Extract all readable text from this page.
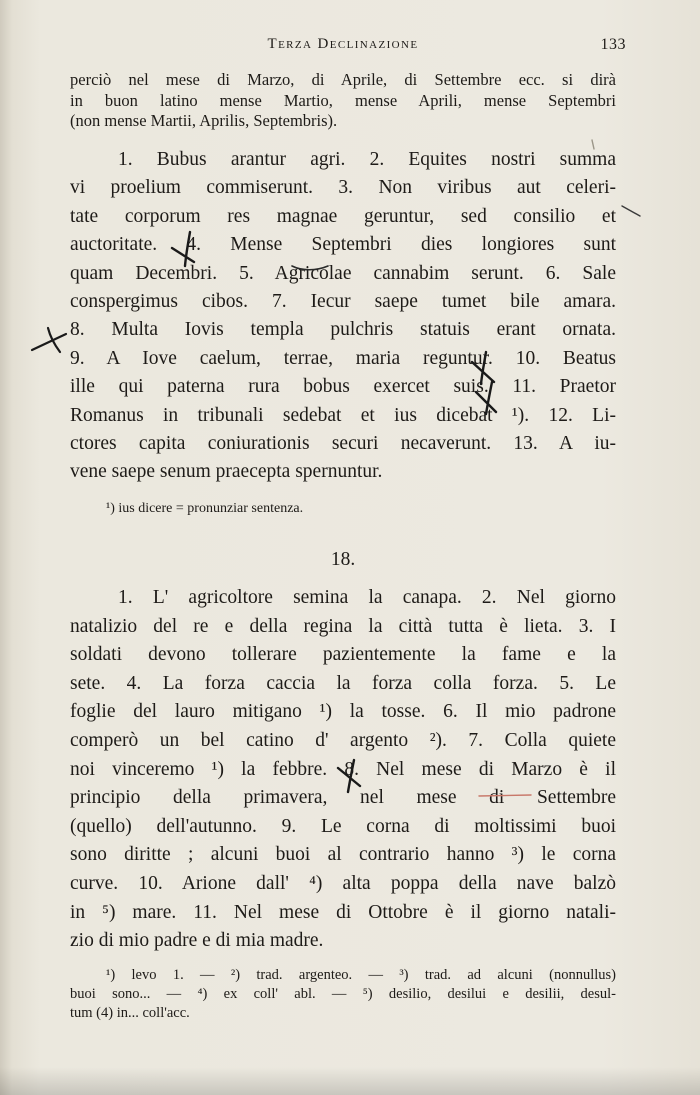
Terza Declinazione	133
perciò nel mese di Marzo, di Aprile, di Settembre ecc. si dirà
in buon latino mense Martio, mense Aprili, mense Septembri
(non mense Martii, Aprilis, Septembris).
1. Bubus arantur agri. 2. Equites nostri summa
vi proelium commiserunt. 3. Non viribus aut celeri-
tate corporum res magnae geruntur, sed consilio et
auctoritate. 4. Mense Septembri dies longiores sunt
quam Decembri. 5. Agricolae cannabim serunt. 6. Sale
conspergimus cibos. 7. Iecur saepe tumet bile amara.
8. Multa Iovis templa pulchris statuis erant ornata.
9. A Iove caelum, terrae, maria reguntur. 10. Beatus
ille qui paterna rura bobus exercet suis. 11. Praetor
Romanus in tribunali sedebat et ius dicebat ¹). 12. Li-
ctores capita coniurationis securi necaverunt. 13. A iu-
vene saepe senum praecepta spernuntur.
¹) ius dicere = pronunziar sentenza.
18.
1. L' agricoltore semina la canapa. 2. Nel giorno
natalizio del re e della regina la città tutta è lieta. 3. I
soldati devono tollerare pazientemente la fame e la
sete. 4. La forza caccia la forza colla forza. 5. Le
foglie del lauro mitigano ¹) la tosse. 6. Il mio padrone
comperò un bel catino d' argento ²). 7. Colla quiete
noi vinceremo ¹) la febbre. 8. Nel mese di Marzo è il
principio della primavera, nel mese di Settembre
(quello) dell'autunno. 9. Le corna di moltissimi buoi
sono diritte ; alcuni buoi al contrario hanno ³) le corna
curve. 10. Arione dall' ⁴) alta poppa della nave balzò
in ⁵) mare. 11. Nel mese di Ottobre è il giorno natali-
zio di mio padre e di mia madre.
¹) levo 1. — ²) trad. argenteo. — ³) trad. ad alcuni (nonnullus)
buoi sono... — ⁴) ex coll' abl. — ⁵) desilio, desilui e desilii, desul-
tum (4) in... coll'acc.
